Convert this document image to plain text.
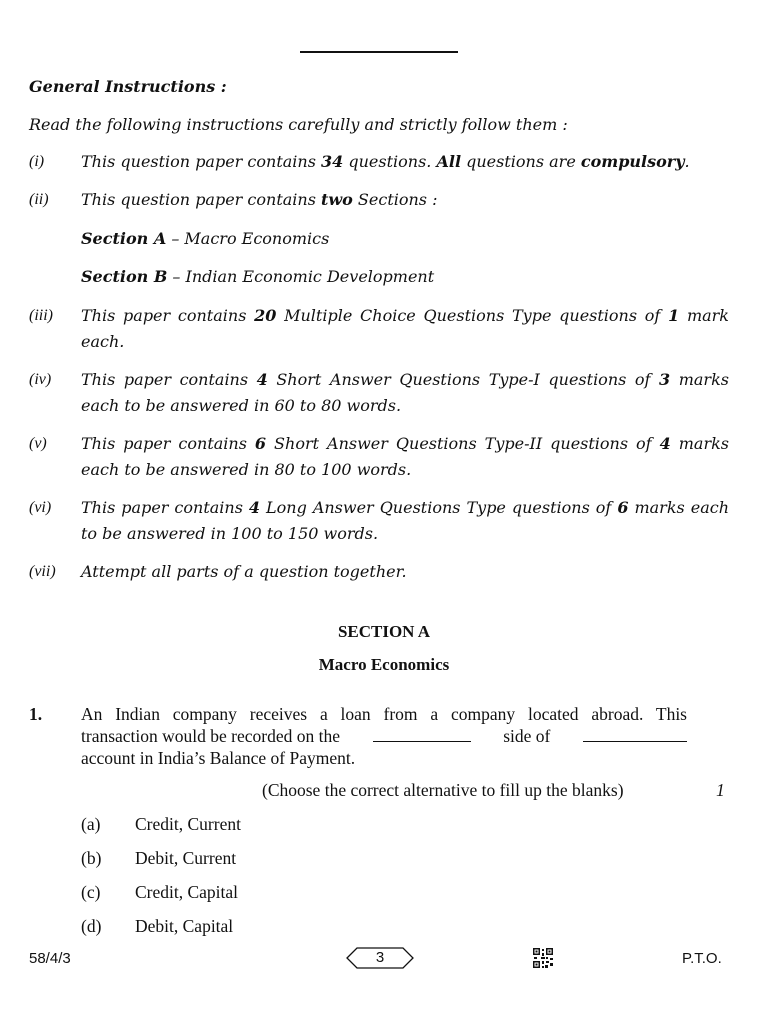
General Instructions :
Read the following instructions carefully and strictly follow them :
(i) This question paper contains 34 questions. All questions are compulsory.
(ii) This question paper contains two Sections :
Section A – Macro Economics
Section B – Indian Economic Development
(iii) This paper contains 20 Multiple Choice Questions Type questions of 1 mark
each.
(iv) This paper contains 4 Short Answer Questions Type-I questions of 3 marks
each to be answered in 60 to 80 words.
(v) This paper contains 6 Short Answer Questions Type-II questions of 4 marks
each to be answered in 80 to 100 words.
(vi) This paper contains 4 Long Answer Questions Type questions of 6 marks each
to be answered in 100 to 150 words.
(vii) Attempt all parts of a question together.
SECTION A
Macro Economics
1. An Indian company receives a loan from a company located abroad. This
transaction would be recorded on the	side of
account in India’s Balance of Payment.
(Choose the correct alternative to fill up the blanks)	1
(a) Credit, Current
(b) Debit, Current
(c) Credit, Capital
(d) Debit, Capital
58/4/3	3	P.T.O.
